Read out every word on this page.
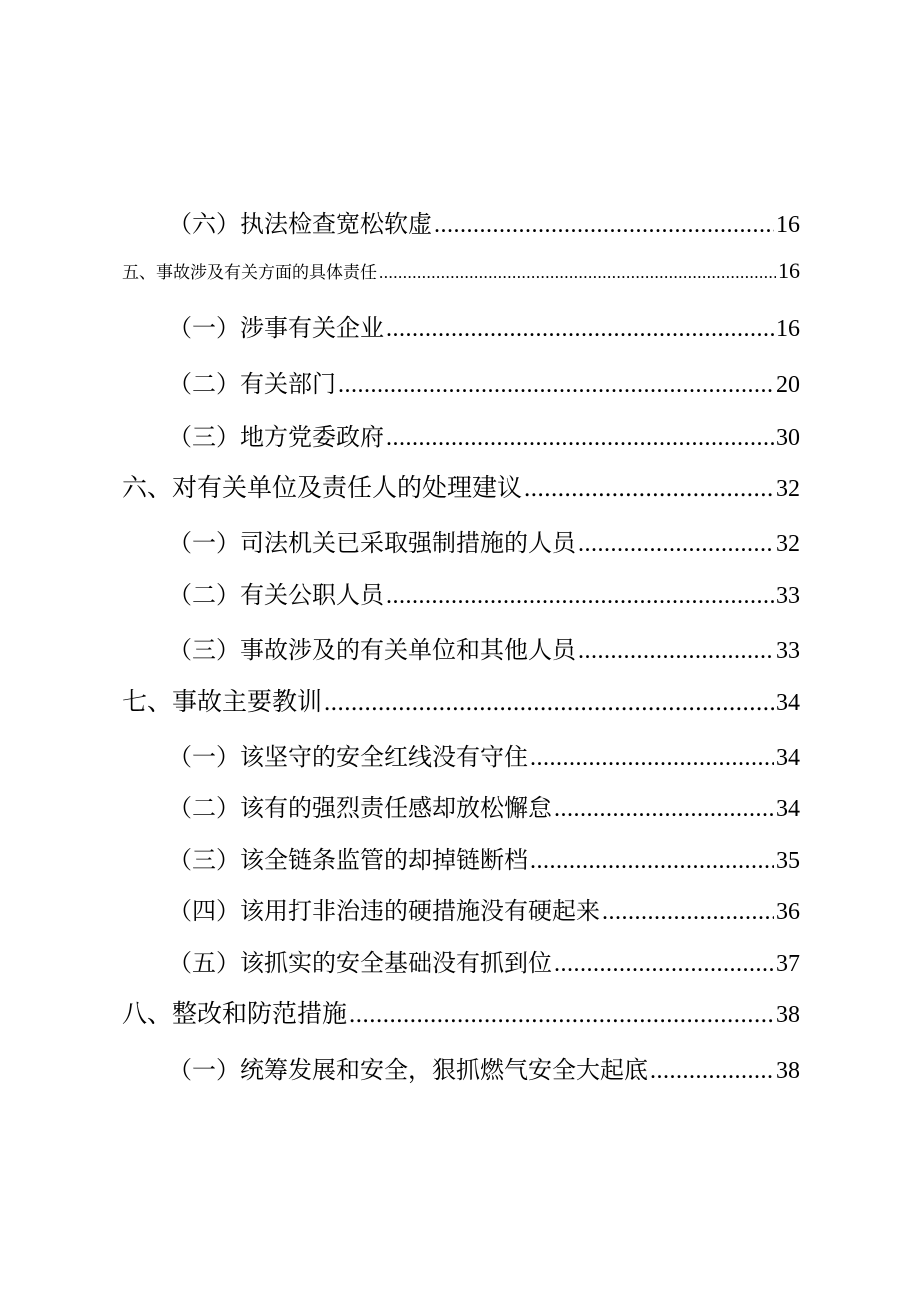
（六）执法检查宽松软虚 .....	16
五、事故涉及有关方面的具体责任 .....	16
（一）涉事有关企业 .....	16
（二）有关部门 .....	20
（三）地方党委政府 .....	30
六、对有关单位及责任人的处理建议 .....	32
（一）司法机关已采取强制措施的人员 .....	32
（二）有关公职人员 .....	33
（三）事故涉及的有关单位和其他人员 .....	33
七、事故主要教训 .....	34
（一）该坚守的安全红线没有守住 .....	34
（二）该有的强烈责任感却放松懈怠 .....	34
（三）该全链条监管的却掉链断档 .....	35
（四）该用打非治违的硬措施没有硬起来 .....	36
（五）该抓实的安全基础没有抓到位 .....	37
八、整改和防范措施 .....	38
（一）统筹发展和安全，狠抓燃气安全大起底 .....	38
